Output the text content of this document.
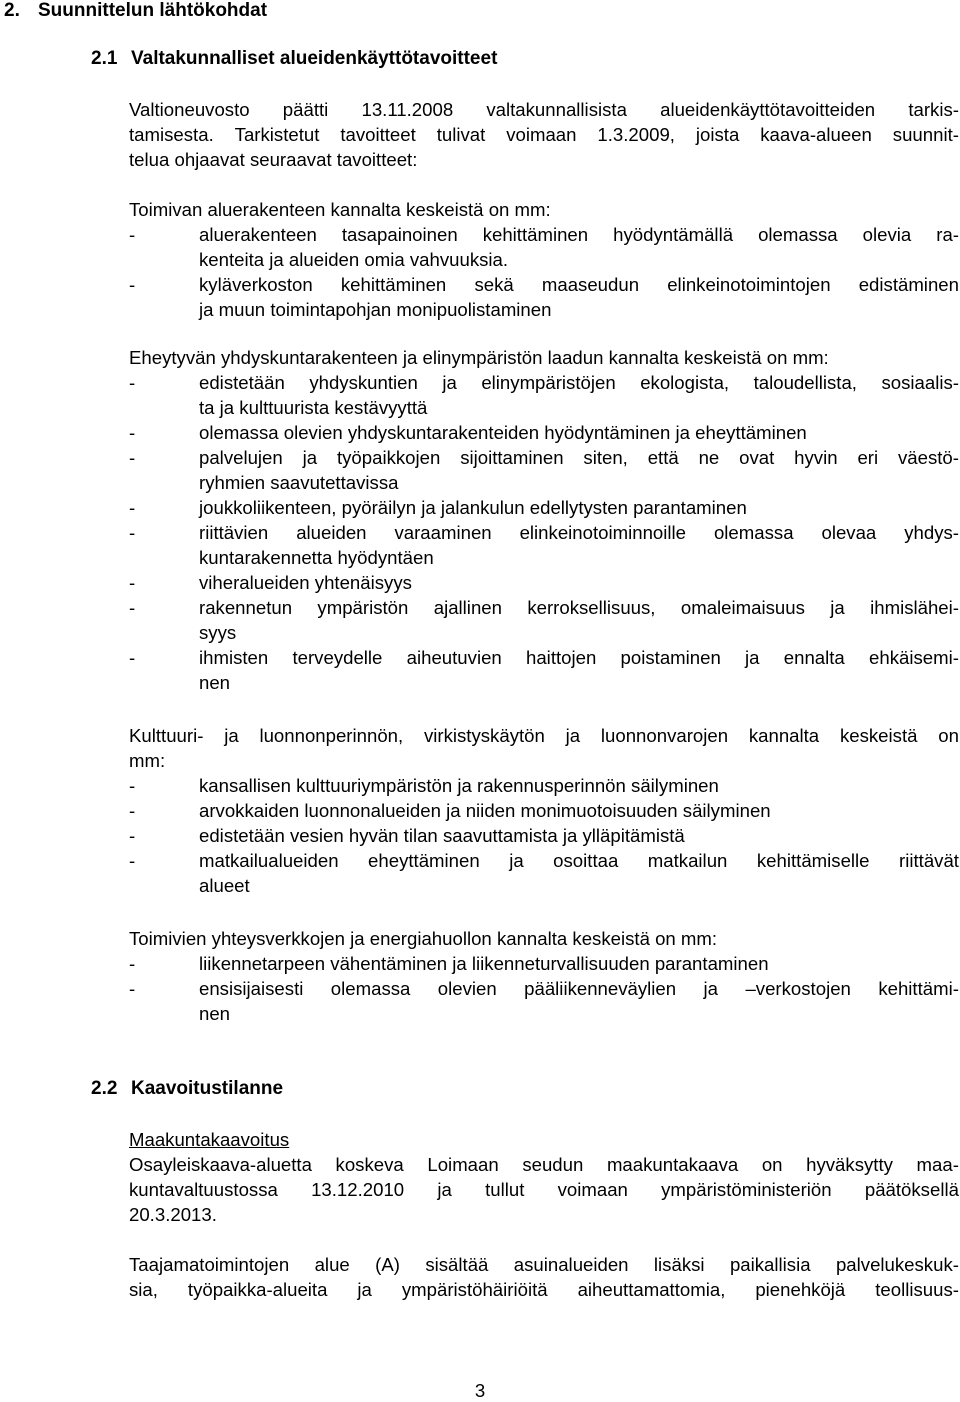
2. Suunnittelun lähtökohdat
2.1 Valtakunnalliset alueidenkäyttötavoitteet
Valtioneuvosto päätti 13.11.2008 valtakunnallisista alueidenkäyttötavoitteiden tarkis-
tamisesta. Tarkistetut tavoitteet tulivat voimaan 1.3.2009, joista kaava-alueen suunnit-
telua ohjaavat seuraavat tavoitteet:
Toimivan aluerakenteen kannalta keskeistä on mm:
-	aluerakenteen tasapainoinen kehittäminen hyödyntämällä olemassa olevia ra-
kenteita ja alueiden omia vahvuuksia.
-	kyläverkoston kehittäminen sekä maaseudun elinkeinotoimintojen edistäminen
ja muun toimintapohjan monipuolistaminen
Eheytyvän yhdyskuntarakenteen ja elinympäristön laadun kannalta keskeistä on mm:
-	edistetään yhdyskuntien ja elinympäristöjen ekologista, taloudellista, sosiaalis-
ta ja kulttuurista kestävyyttä
-	olemassa olevien yhdyskuntarakenteiden hyödyntäminen ja eheyttäminen
-	palvelujen ja työpaikkojen sijoittaminen siten, että ne ovat hyvin eri väestö-
ryhmien saavutettavissa
-	joukkoliikenteen, pyöräilyn ja jalankulun edellytysten parantaminen
-	riittävien alueiden varaaminen elinkeinotoiminnoille olemassa olevaa yhdys-
kuntarakennetta hyödyntäen
-	viheralueiden yhtenäisyys
-	rakennetun ympäristön ajallinen kerroksellisuus, omaleimaisuus ja ihmislähei-
syys
-	ihmisten terveydelle aiheutuvien haittojen poistaminen ja ennalta ehkäisemi-
nen
Kulttuuri- ja luonnonperinnön, virkistyskäytön ja luonnonvarojen kannalta keskeistä on
mm:
-	kansallisen kulttuuriympäristön ja rakennusperinnön säilyminen
-	arvokkaiden luonnonalueiden ja niiden monimuotoisuuden säilyminen
-	edistetään vesien hyvän tilan saavuttamista ja ylläpitämistä
-	matkailualueiden eheyttäminen ja osoittaa matkailun kehittämiselle riittävät
alueet
Toimivien yhteysverkkojen ja energiahuollon kannalta keskeistä on mm:
-	liikennetarpeen vähentäminen ja liikenneturvallisuuden parantaminen
-	ensisijaisesti olemassa olevien pääliikenneväylien ja –verkostojen kehittämi-
nen
2.2 Kaavoitustilanne
Maakuntakaavoitus
Osayleiskaava-aluetta koskeva Loimaan seudun maakuntakaava on hyväksytty maa-
kuntavaltuustossa 13.12.2010 ja tullut voimaan ympäristöministeriön päätöksellä
20.3.2013.
Taajamatoimintojen alue (A) sisältää asuinalueiden lisäksi paikallisia palvelukeskuk-
sia, työpaikka-alueita ja ympäristöhäiriöitä aiheuttamattomia, pienehköjä teollisuus-
3
